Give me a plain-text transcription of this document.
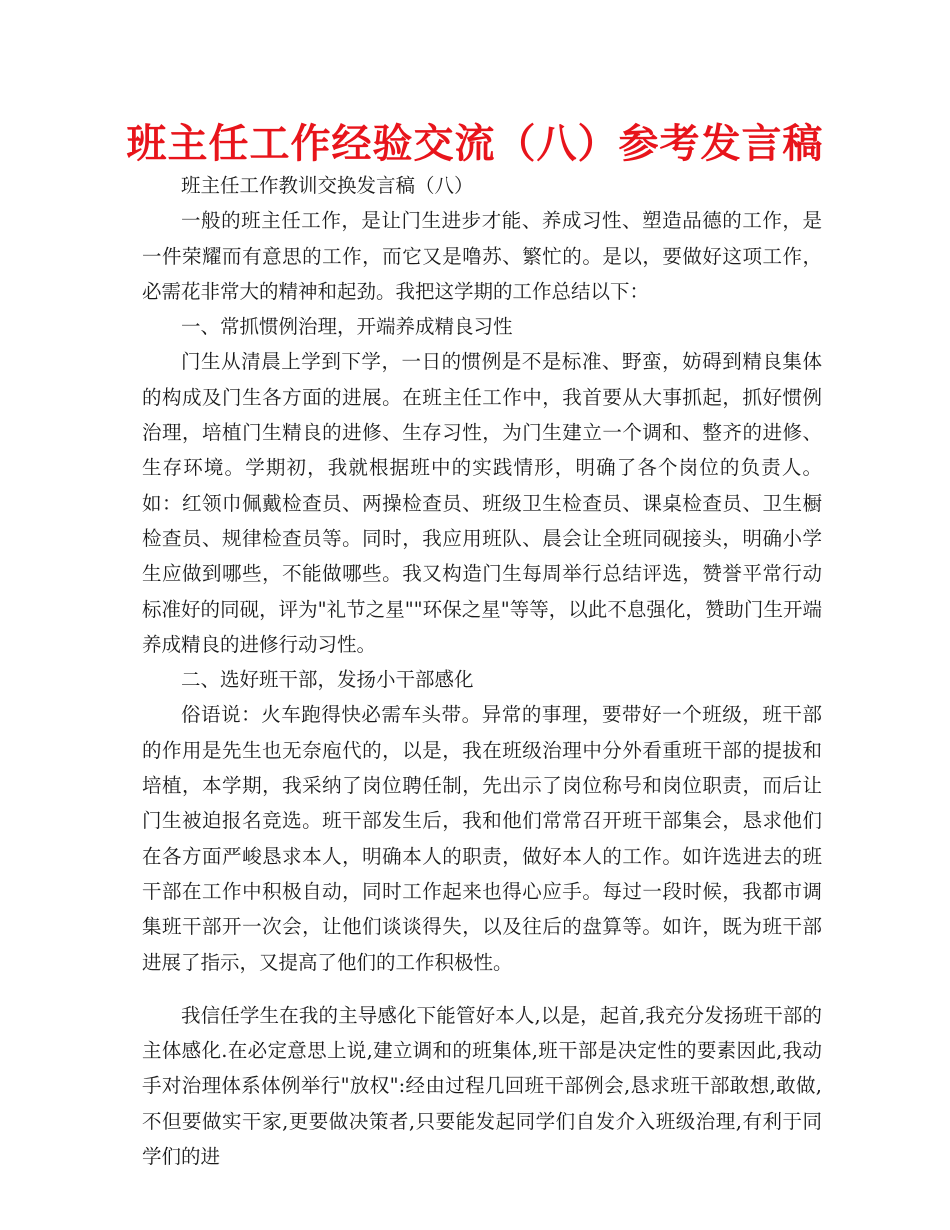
班主任工作经验交流（八）参考发言稿

班主任工作教训交换发言稿（八）

一般的班主任工作，是让门生进步才能、养成习性、塑造品德的工作，是一件荣耀而有意思的工作，而它又是噜苏、繁忙的。是以，要做好这项工作，必需花非常大的精神和起劲。我把这学期的工作总结以下：

一、常抓惯例治理，开端养成精良习性

门生从清晨上学到下学，一日的惯例是不是标准、野蛮，妨碍到精良集体的构成及门生各方面的进展。在班主任工作中，我首要从大事抓起，抓好惯例治理，培植门生精良的进修、生存习性，为门生建立一个调和、整齐的进修、生存环境。学期初，我就根据班中的实践情形，明确了各个岗位的负责人。如：红领巾佩戴检查员、两操检查员、班级卫生检查员、课桌检查员、卫生橱检查员、规律检查员等。同时，我应用班队、晨会让全班同砚接头，明确小学生应做到哪些，不能做哪些。我又构造门生每周举行总结评选，赞誉平常行动标准好的同砚，评为"礼节之星""环保之星"等等，以此不息强化，赞助门生开端养成精良的进修行动习性。

二、选好班干部，发扬小干部感化

俗语说：火车跑得快必需车头带。异常的事理，要带好一个班级，班干部的作用是先生也无奈庖代的，以是，我在班级治理中分外看重班干部的提拔和培植，本学期，我采纳了岗位聘任制，先出示了岗位称号和岗位职责，而后让门生被迫报名竞选。班干部发生后，我和他们常常召开班干部集会，恳求他们在各方面严峻恳求本人，明确本人的职责，做好本人的工作。如许选进去的班干部在工作中积极自动，同时工作起来也得心应手。每过一段时候，我都市调集班干部开一次会，让他们谈谈得失，以及往后的盘算等。如许，既为班干部进展了指示，又提高了他们的工作积极性。

我信任学生在我的主导感化下能管好本人,以是，起首,我充分发扬班干部的主体感化.在必定意思上说,建立调和的班集体,班干部是决定性的要素因此,我动手对治理体系体例举行"放权":经由过程几回班干部例会,恳求班干部敢想,敢做,不但要做实干家,更要做决策者,只要能发起同学们自发介入班级治理,有利于同学们的进
